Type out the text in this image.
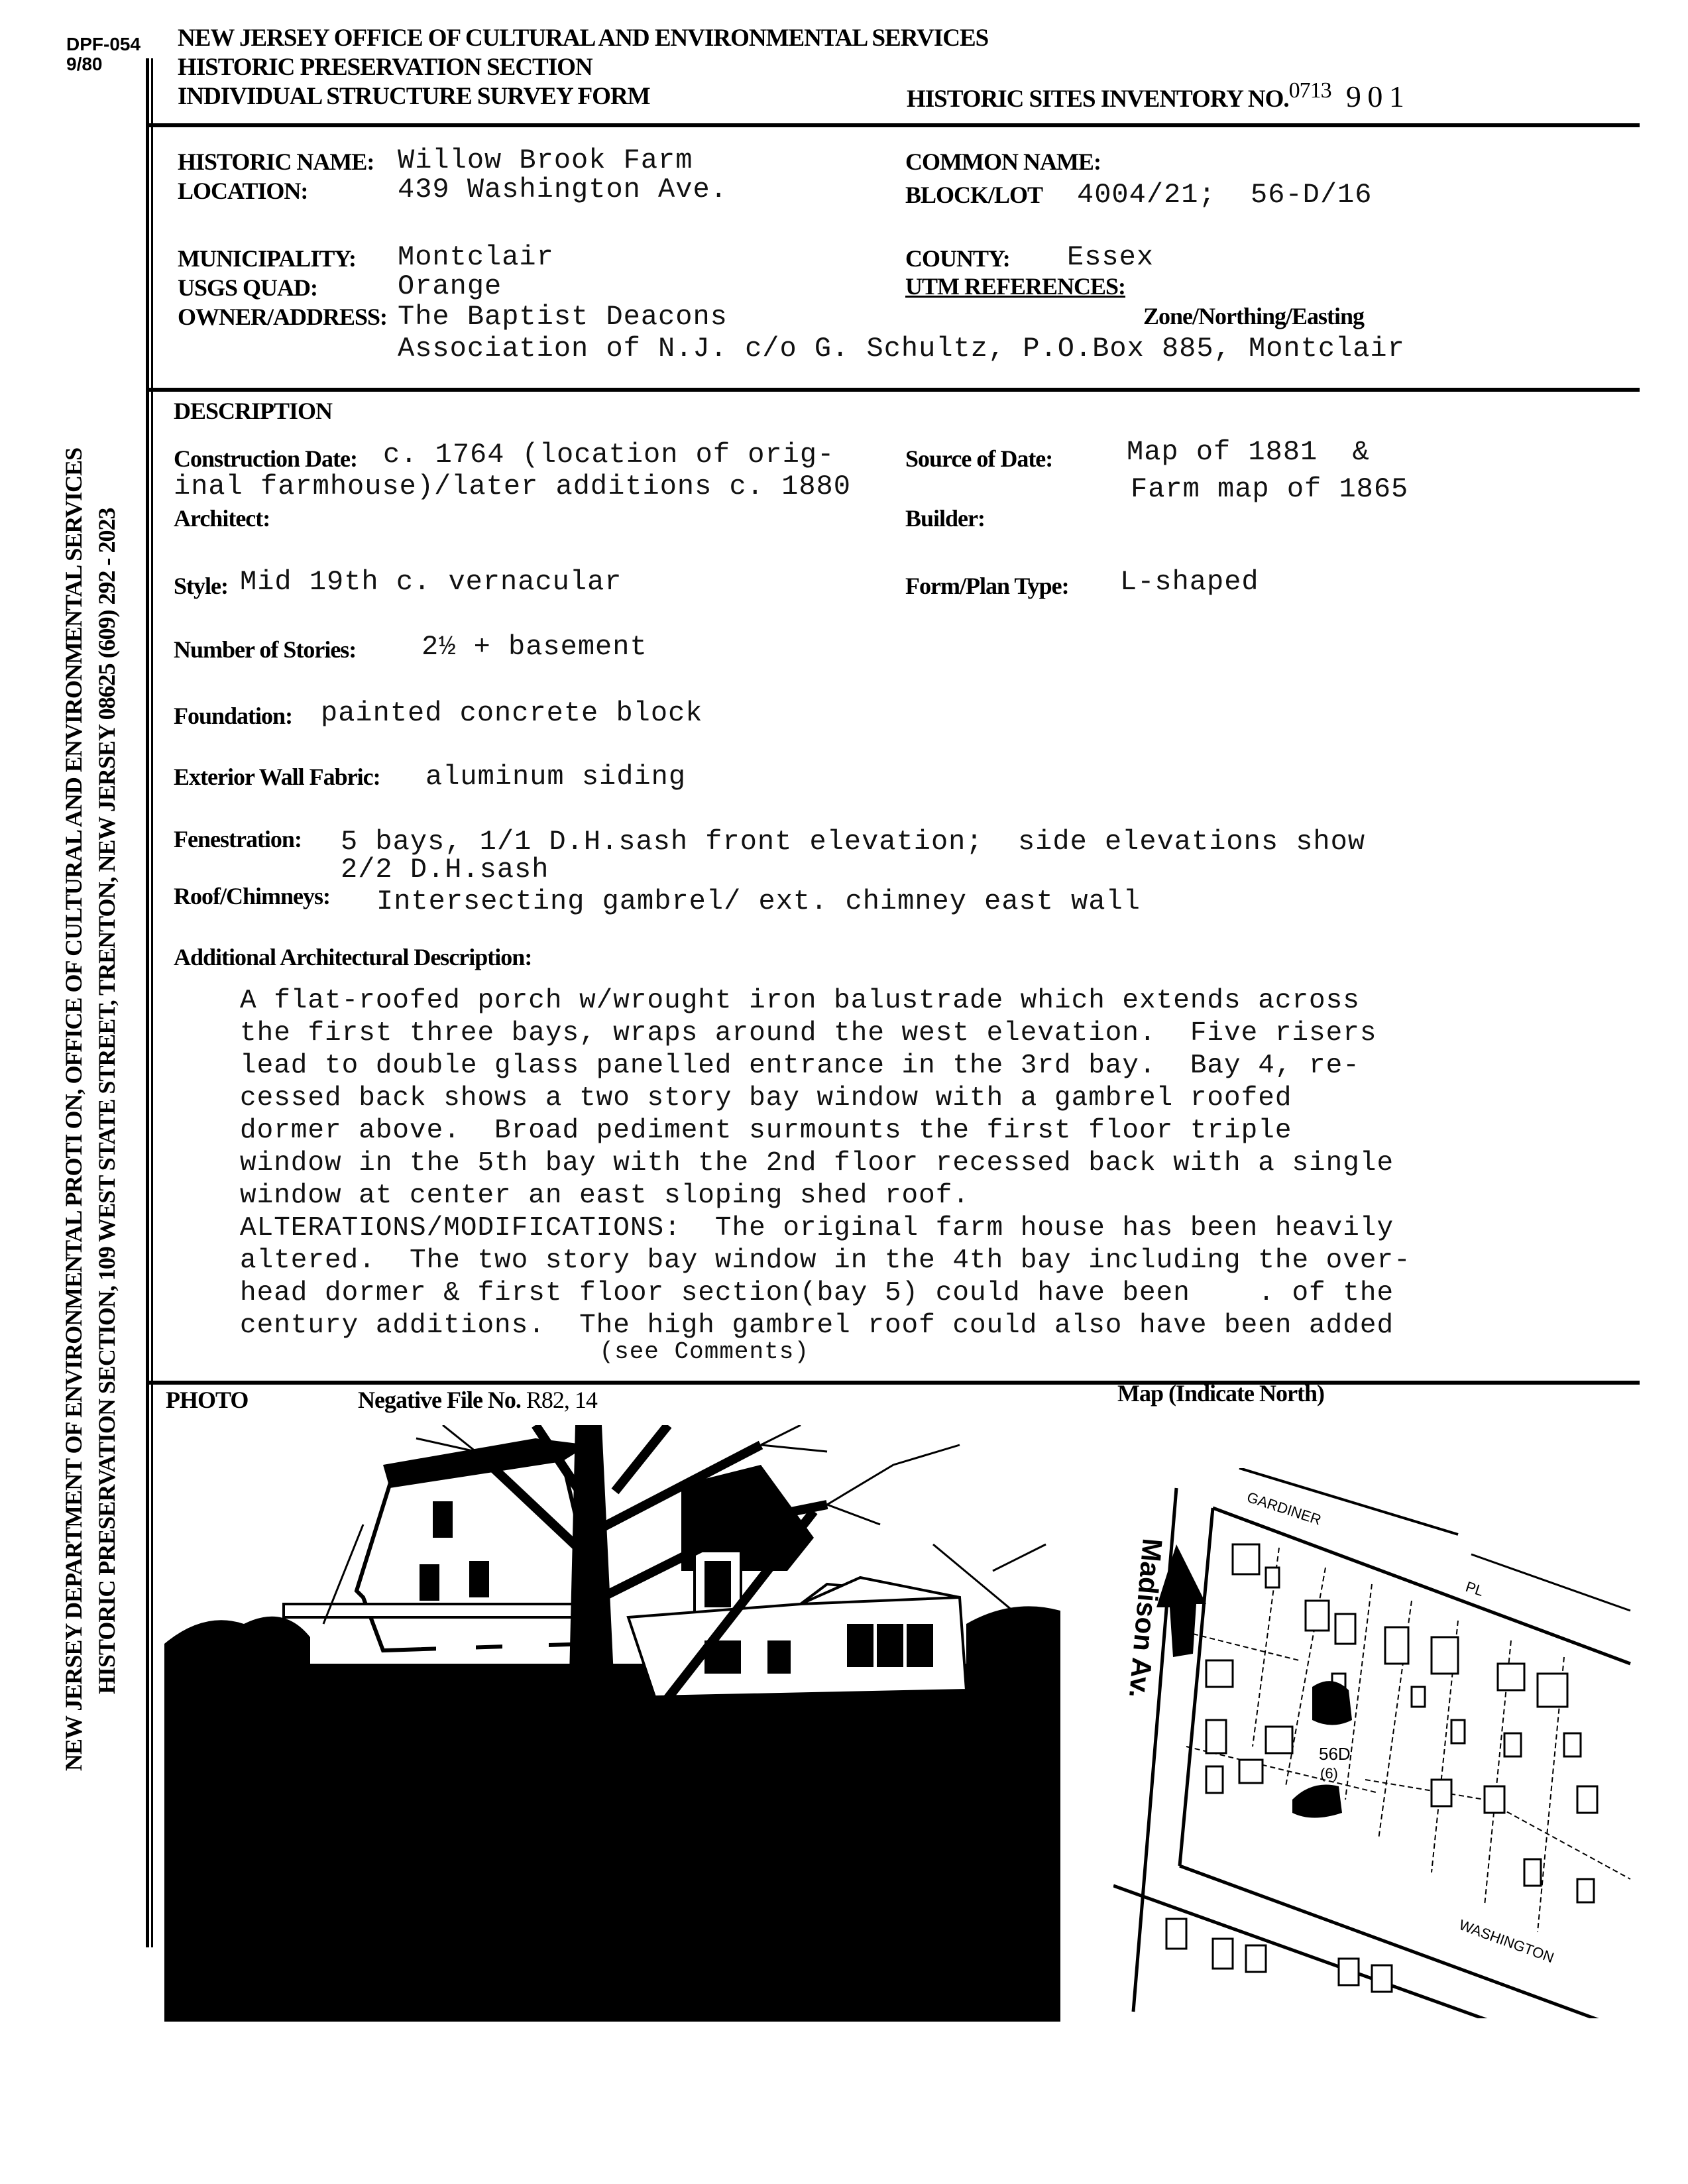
DPF-054
9/80
NEW JERSEY OFFICE OF CULTURAL AND ENVIRONMENTAL SERVICES
HISTORIC PRESERVATION SECTION
INDIVIDUAL STRUCTURE SURVEY FORM	HISTORIC SITES INVENTORY NO.0713 9 0 1
HISTORIC NAME: Willow Brook Farm
LOCATION:	439 Washington Ave.
COMMON NAME:
BLOCK/LOT 4004/21;  56-D/16
MUNICIPALITY: Montclair
USGS QUAD:	Orange
OWNER/ADDRESS: The Baptist Deacons
Association of N.J. c/o G. Schultz, P.O.Box 885, Montclair
COUNTY: Essex
UTM REFERENCES:
Zone/Northing/Easting
DESCRIPTION
Construction Date: c. 1764 (location of orig-
inal farmhouse)/later additions c. 1880
Source of Date:	Map of 1881  &
Farm map of 1865
Architect:	Builder:
Style: Mid 19th c. vernacular	Form/Plan Type: L-shaped
Number of Stories: 2½ + basement
Foundation: painted concrete block
Exterior Wall Fabric: aluminum siding
Fenestration: 5 bays, 1/1 D.H.sash front elevation;  side elevations show
2/2 D.H.sash
Roof/Chimneys: Intersecting gambrel/ ext. chimney east wall
Additional Architectural Description:
A flat-roofed porch w/wrought iron balustrade which extends across
the first three bays, wraps around the west elevation.  Five risers
lead to double glass panelled entrance in the 3rd bay.  Bay 4, re-
cessed back shows a two story bay window with a gambrel roofed
dormer above.  Broad pediment surmounts the first floor triple
window in the 5th bay with the 2nd floor recessed back with a single
window at center an east sloping shed roof.
ALTERATIONS/MODIFICATIONS:  The original farm house has been heavily
altered.  The two story bay window in the 4th bay including the over-
head dormer & first floor section(bay 5) could have been    . of the
century additions.  The high gambrel roof could also have been added
(see Comments)
PHOTO	Negative File No. R82, 14	Map (Indicate North)
GARDINER
PL
Madison Av.
WASHINGTON
56D
(6)
NEW JERSEY DEPARTMENT OF ENVIRONMENTAL PROTI ON, OFFICE OF CULTURAL AND ENVIRONMENTAL SERVICES HISTORIC PRESERVATION SECTION, 109 WEST STATE STREET, TRENTON, NEW JERSEY 08625 (609) 292 - 2023
